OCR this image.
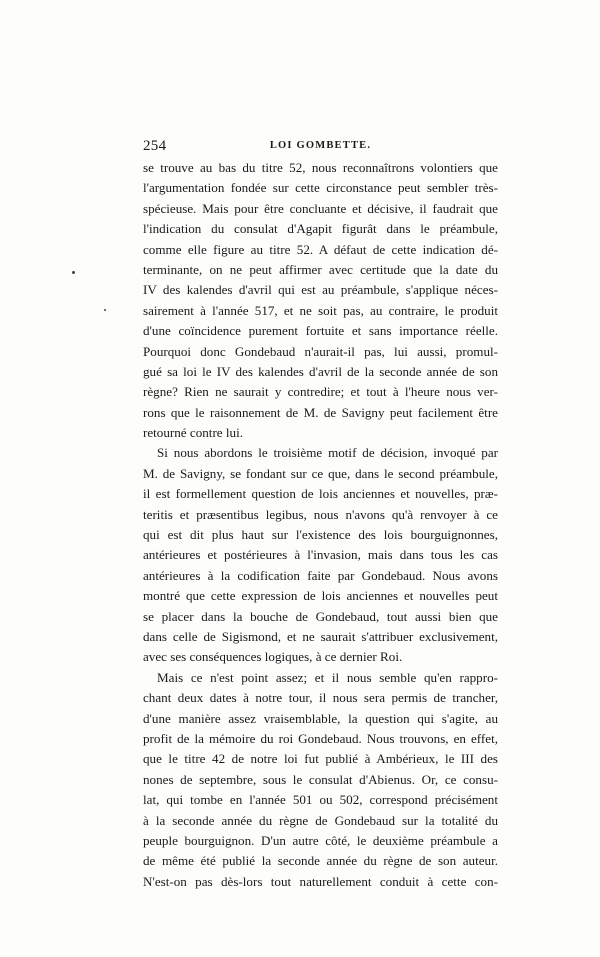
254	LOI GOMBETTE.
se trouve au bas du titre 52, nous reconnaîtrons volontiers que
l'argumentation fondée sur cette circonstance peut sembler très-
spécieuse. Mais pour être concluante et décisive, il faudrait que
l'indication du consulat d'Agapit figurât dans le préambule,
comme elle figure au titre 52. A défaut de cette indication dé-
terminante, on ne peut affirmer avec certitude que la date du
IV des kalendes d'avril qui est au préambule, s'applique néces-
sairement à l'année 517, et ne soit pas, au contraire, le produit
d'une coïncidence purement fortuite et sans importance réelle.
Pourquoi donc Gondebaud n'aurait-il pas, lui aussi, promul-
gué sa loi le IV des kalendes d'avril de la seconde année de son
règne? Rien ne saurait y contredire; et tout à l'heure nous ver-
rons que le raisonnement de M. de Savigny peut facilement être
retourné contre lui.
Si nous abordons le troisième motif de décision, invoqué par
M. de Savigny, se fondant sur ce que, dans le second préambule,
il est formellement question de lois anciennes et nouvelles, præ-
teritis et præsentibus legibus, nous n'avons qu'à renvoyer à ce
qui est dit plus haut sur l'existence des lois bourguignonnes,
antérieures et postérieures à l'invasion, mais dans tous les cas
antérieures à la codification faite par Gondebaud. Nous avons
montré que cette expression de lois anciennes et nouvelles peut
se placer dans la bouche de Gondebaud, tout aussi bien que
dans celle de Sigismond, et ne saurait s'attribuer exclusivement,
avec ses conséquences logiques, à ce dernier Roi.
Mais ce n'est point assez; et il nous semble qu'en rappro-
chant deux dates à notre tour, il nous sera permis de trancher,
d'une manière assez vraisemblable, la question qui s'agite, au
profit de la mémoire du roi Gondebaud. Nous trouvons, en effet,
que le titre 42 de notre loi fut publié à Ambérieux, le III des
nones de septembre, sous le consulat d'Abienus. Or, ce consu-
lat, qui tombe en l'année 501 ou 502, correspond précisément
à la seconde année du règne de Gondebaud sur la totalité du
peuple bourguignon. D'un autre côté, le deuxième préambule a
de même été publié la seconde année du règne de son auteur.
N'est-on pas dès-lors tout naturellement conduit à cette con-
